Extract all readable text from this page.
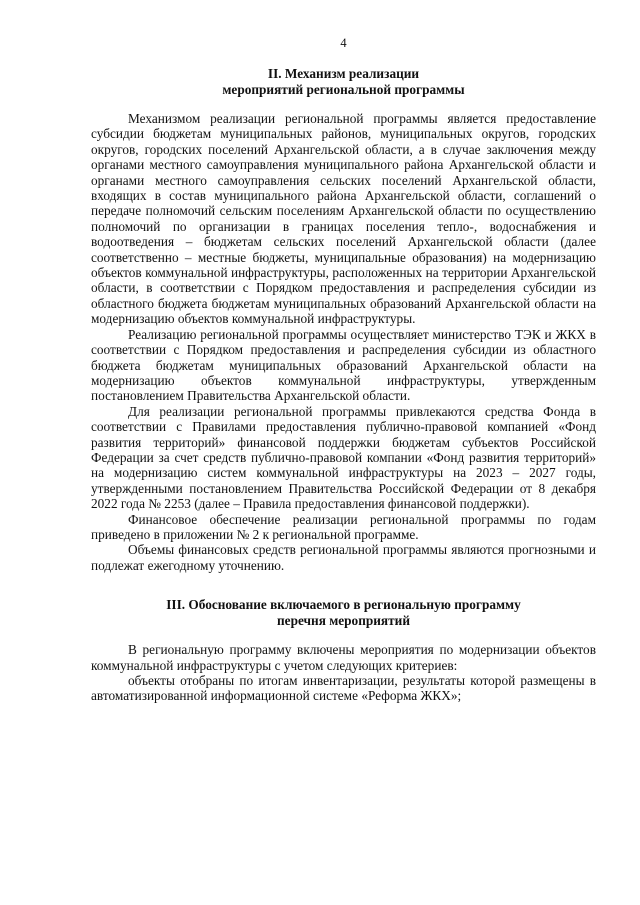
4
II. Механизм реализации
мероприятий региональной программы

Механизмом реализации региональной программы является предоставление субсидии бюджетам муниципальных районов, муниципальных округов, городских округов, городских поселений Архангельской области, а в случае заключения между органами местного самоуправления муниципального района Архангельской области и органами местного самоуправления сельских поселений Архангельской области, входящих в состав муниципального района Архангельской области, соглашений о передаче полномочий сельским поселениям Архангельской области по осуществлению полномочий по организации в границах поселения тепло-, водоснабжения и водоотведения – бюджетам сельских поселений Архангельской области (далее соответственно – местные бюджеты, муниципальные образования) на модернизацию объектов коммунальной инфраструктуры, расположенных на территории Архангельской области, в соответствии с Порядком предоставления и распределения субсидии из областного бюджета бюджетам муниципальных образований Архангельской области на модернизацию объектов коммунальной инфраструктуры.

Реализацию региональной программы осуществляет министерство ТЭК и ЖКХ в соответствии с Порядком предоставления и распределения субсидии из областного бюджета бюджетам муниципальных образований Архангельской области на модернизацию объектов коммунальной инфраструктуры, утвержденным постановлением Правительства Архангельской области.

Для реализации региональной программы привлекаются средства Фонда в соответствии с Правилами предоставления публично-правовой компанией «Фонд развития территорий» финансовой поддержки бюджетам субъектов Российской Федерации за счет средств публично-правовой компании «Фонд развития территорий» на модернизацию систем коммунальной инфраструктуры на 2023 – 2027 годы, утвержденными постановлением Правительства Российской Федерации от 8 декабря 2022 года № 2253 (далее – Правила предоставления финансовой поддержки).

Финансовое обеспечение реализации региональной программы по годам приведено в приложении № 2 к региональной программе.

Объемы финансовых средств региональной программы являются прогнозными и подлежат ежегодному уточнению.

III. Обоснование включаемого в региональную программу
перечня мероприятий

В региональную программу включены мероприятия по модернизации объектов коммунальной инфраструктуры с учетом следующих критериев:

объекты отобраны по итогам инвентаризации, результаты которой размещены в автоматизированной информационной системе «Реформа ЖКХ»;
